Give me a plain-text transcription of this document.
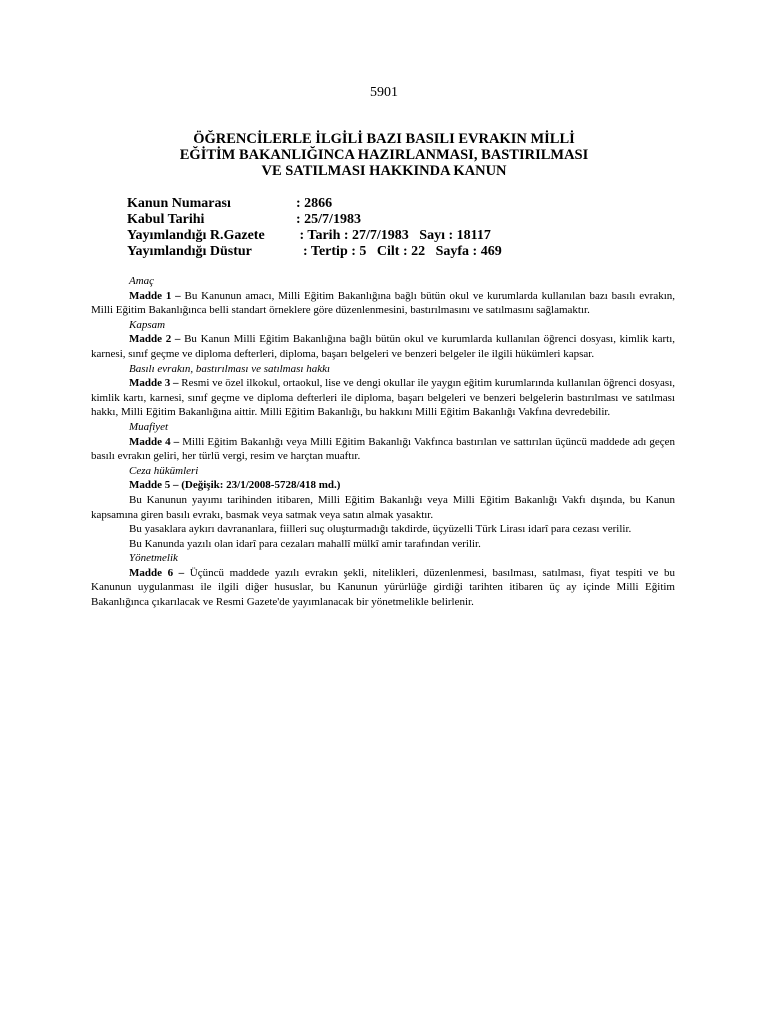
5901
ÖĞRENCİLERLE İLGİLİ BAZI BASILI EVRAKIN MİLLİ
EĞİTİM BAKANLIĞINCA HAZIRLANMASI, BASTIRILMASI
VE SATILMASI HAKKINDA KANUN
Kanun Numarası	: 2866
Kabul Tarihi	: 25/7/1983
Yayımlandığı R.Gazete	: Tarih : 27/7/1983   Sayı : 18117
Yayımlandığı Düstur	: Tertip : 5   Cilt : 22   Sayfa : 469
Amaç

Madde 1 – Bu Kanunun amacı, Milli Eğitim Bakanlığına bağlı bütün okul ve kurumlarda kullanılan bazı basılı evrakın, Milli Eğitim Bakanlığınca belli standart örneklere göre düzenlenmesini, bastırılmasını ve satılmasını sağlamaktır.

Kapsam

Madde 2 – Bu Kanun Milli Eğitim Bakanlığına bağlı bütün okul ve kurumlarda kullanılan öğrenci dosyası, kimlik kartı, karnesi, sınıf geçme ve diploma defterleri, diploma, başarı belgeleri ve benzeri belgeler ile ilgili hükümleri kapsar.

Basılı evrakın, bastırılması ve satılması hakkı

Madde 3 – Resmi ve özel ilkokul, ortaokul, lise ve dengi okullar ile yaygın eğitim kurumlarında kullanılan öğrenci dosyası, kimlik kartı, karnesi, sınıf geçme ve diploma defterleri ile diploma, başarı belgeleri ve benzeri belgelerin bastırılması ve satılması hakkı, Milli Eğitim Bakanlığına aittir. Milli Eğitim Bakanlığı, bu hakkını Milli Eğitim Bakanlığı Vakfına devredebilir.

Muafiyet

Madde 4 – Milli Eğitim Bakanlığı veya Milli Eğitim Bakanlığı Vakfınca bastırılan ve sattırılan üçüncü maddede adı geçen basılı evrakın geliri, her türlü vergi, resim ve harçtan muaftır.

Ceza hükümleri

Madde 5 – (Değişik: 23/1/2008-5728/418 md.)

Bu Kanunun yayımı tarihinden itibaren, Milli Eğitim Bakanlığı veya Milli Eğitim Bakanlığı Vakfı dışında, bu Kanun kapsamına giren basılı evrakı, basmak veya satmak veya satın almak yasaktır.

Bu yasaklara aykırı davrananlara, fiilleri suç oluşturmadığı takdirde, üçyüzelli Türk Lirası idarî para cezası verilir.

Bu Kanunda yazılı olan idarî para cezaları mahallî mülkî amir tarafından verilir.

Yönetmelik

Madde 6 – Üçüncü maddede yazılı evrakın şekli, nitelikleri, düzenlenmesi, basılması, satılması, fiyat tespiti ve bu Kanunun uygulanması ile ilgili diğer hususlar, bu Kanunun yürürlüğe girdiği tarihten itibaren üç ay içinde Milli Eğitim Bakanlığınca çıkarılacak ve Resmi Gazete'de yayımlanacak bir yönetmelikle belirlenir.
